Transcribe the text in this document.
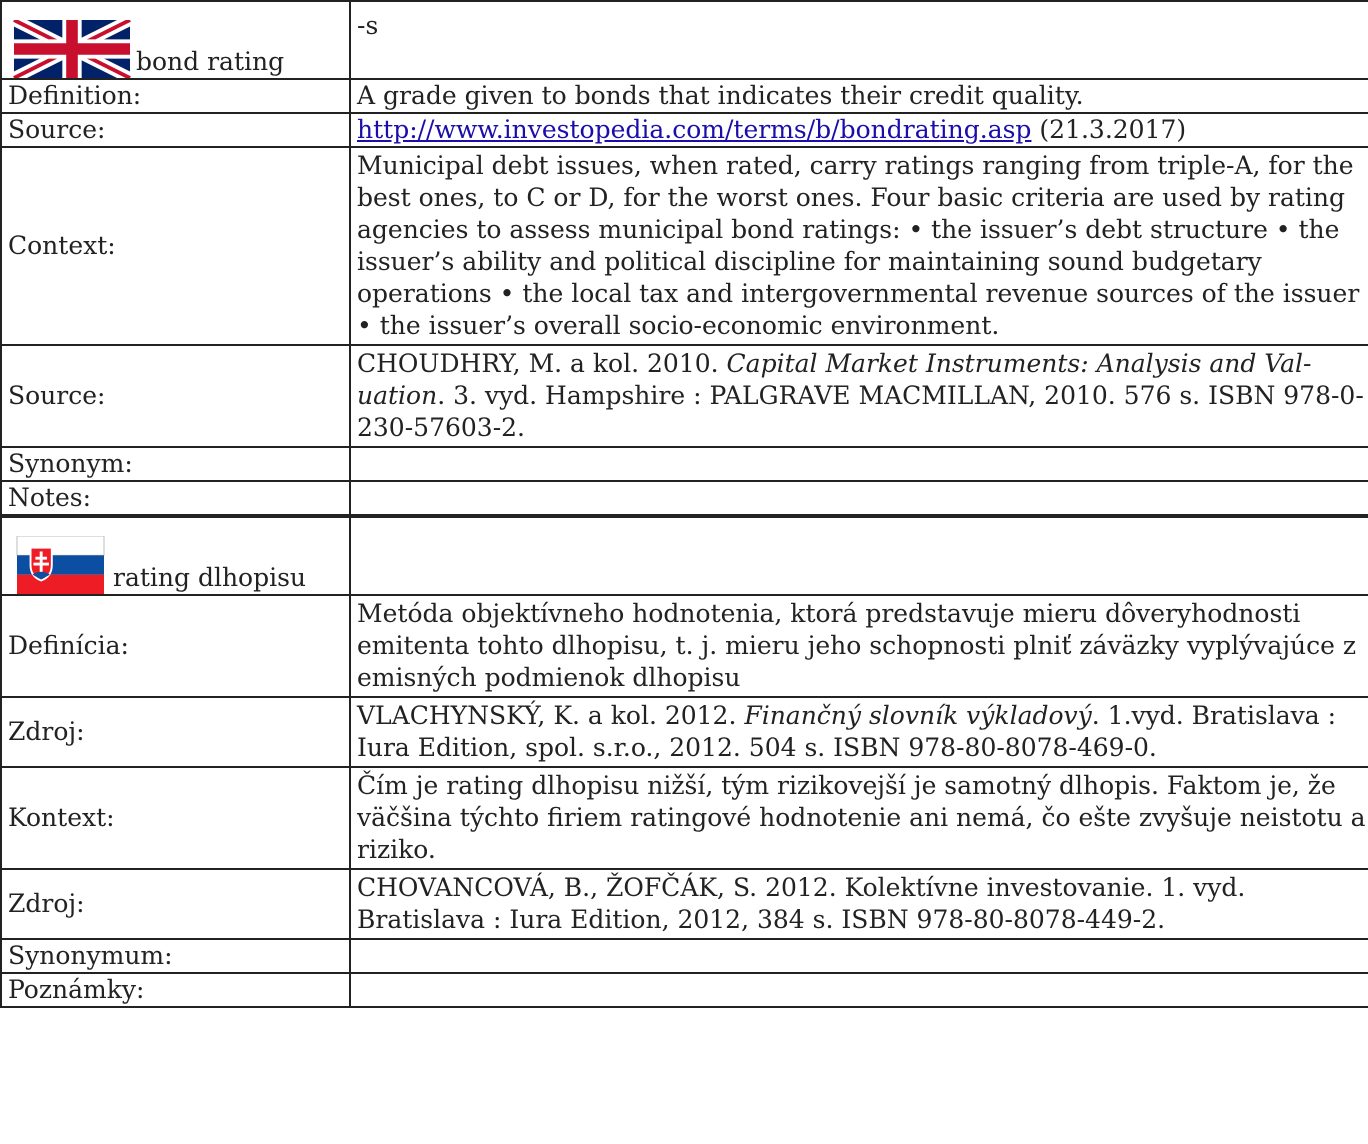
bond rating	-s
Definition:	A grade given to bonds that indicates their credit quality.
Source:	http://www.investopedia.com/terms/b/bondrating.asp (21.3.2017)
Context:	Municipal debt issues, when rated, carry ratings ranging from triple-A, for the best ones, to C or D, for the worst ones. Four basic criteria are used by rating agencies to assess municipal bond ratings: • the issuer’s debt structure • the issuer’s ability and political discipline for maintaining sound budgetary operations • the local tax and intergovernmental revenue sources of the issuer • the issuer’s overall socio-economic environment.
Source:	CHOUDHRY, M. a kol. 2010. Capital Market Instruments: Analysis and Valuation. 3. vyd. Hampshire : PALGRAVE MACMILLAN, 2010. 576 s. ISBN 978-0-230-57603-2.
Synonym:	
Notes:	
rating dlhopisu	
Definícia:	Metóda objektívneho hodnotenia, ktorá predstavuje mieru dôveryhodnosti emitenta tohto dlhopisu, t. j. mieru jeho schopnosti plniť záväzky vyplývajúce z emisných podmienok dlhopisu
Zdroj:	VLACHYNSKÝ, K. a kol. 2012. Finančný slovník výkladový. 1.vyd. Bratislava : Iura Edition, spol. s.r.o., 2012. 504 s. ISBN 978-80-8078-469-0.
Kontext:	Čím je rating dlhopisu nižší, tým rizikovejší je samotný dlhopis. Faktom je, že väčšina týchto firiem ratingové hodnotenie ani nemá, čo ešte zvyšuje neistotu a riziko.
Zdroj:	CHOVANCOVÁ, B., ŽOFČÁK, S. 2012. Kolektívne investovanie. 1. vyd. Bratislava : Iura Edition, 2012, 384 s. ISBN 978-80-8078-449-2.
Synonymum:	
Poznámky:	
